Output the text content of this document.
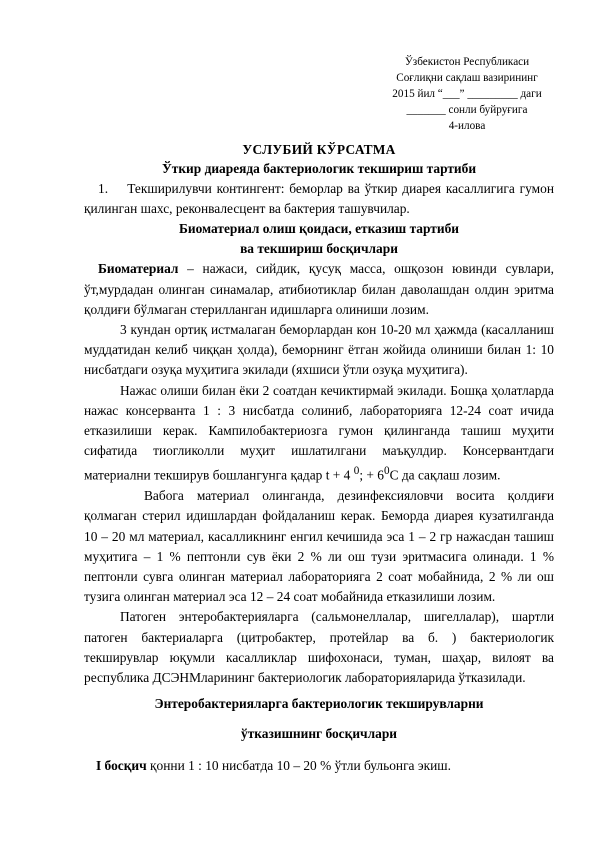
Ўзбекистон Республикаси
Соғлиқни сақлаш вазирининг
2015 йил “___” _________ даги
_______ сонли буйруғига
4-илова
УСЛУБИЙ КЎРСАТМА
Ўткир диареяда бактериологик текшириш тартиби

1. Текширилувчи контингент: беморлар ва ўткир диарея касаллигига гумон қилинган шахс, реконвалесцент ва бактерия ташувчилар.

Биоматериал олиш қоидаси, етказиш тартиби
ва текшириш босқичлари

Биоматериал – нажаси, сийдик, қусуқ масса, ошқозон ювинди сувлари, ўт,мурдадан олинган синамалар, атибиотиклар билан даволашдан олдин эритма қолдиғи бўлмаган стерилланган идишларга олиниши лозим.

3 кундан ортиқ истмалаган беморлардан кон 10-20 мл ҳажмда (касалланиш муддатидан келиб чиққан ҳолда), беморнинг ётган жойида олиниши билан 1: 10 нисбатдаги озуқа муҳитига экилади (яхшиси ўтли озуқа муҳитига).

Нажас олиши билан ёки 2 соатдан кечиктирмай экилади. Бошқа ҳолатларда нажас консерванта 1 : 3 нисбатда солиниб, лабораторияга 12-24 соат ичида етказилиши керак. Кампилобактериозга гумон қилинганда ташиш муҳити сифатида тиогликолли муҳит ишлатилгани маъқулдир. Консервантдаги материални текширув бошлангунга қадар t + 4 $^0$; + $6^0С$ да сақлаш лозим.

Вабога материал олинганда, дезинфексияловчи восита қолдиғи қолмаган стерил идишлардан фойдаланиш керак. Беморда диарея кузатилганда 10 – 20 мл материал, касалликнинг енгил кечишида эса 1 – 2 гр нажасдан ташиш муҳитига – 1 % пептонли сув ёки 2 % ли ош тузи эритмасига олинади. 1 % пептонли сувга олинган материал лабораторияга 2 соат мобайнида, 2 % ли ош тузига олинган материал эса 12 – 24 соат мобайнида етказилиши лозим.

Патоген энтеробактерияларга (сальмонеллалар, шигеллалар), шартли патоген бактериаларга (цитробактер, протейлар ва б. ) бактериологик текширувлар юқумли касалликлар шифохонаси, туман, шаҳар, вилоят ва республика ДСЭНМларининг бактериологик лабораторияларида ўтказилади.

Энтеробактерияларга бактериологик текширувларни
ўтказишнинг босқичлари

I босқич қонни 1 : 10 нисбатда 10 – 20 % ўтли бульонга экиш.
